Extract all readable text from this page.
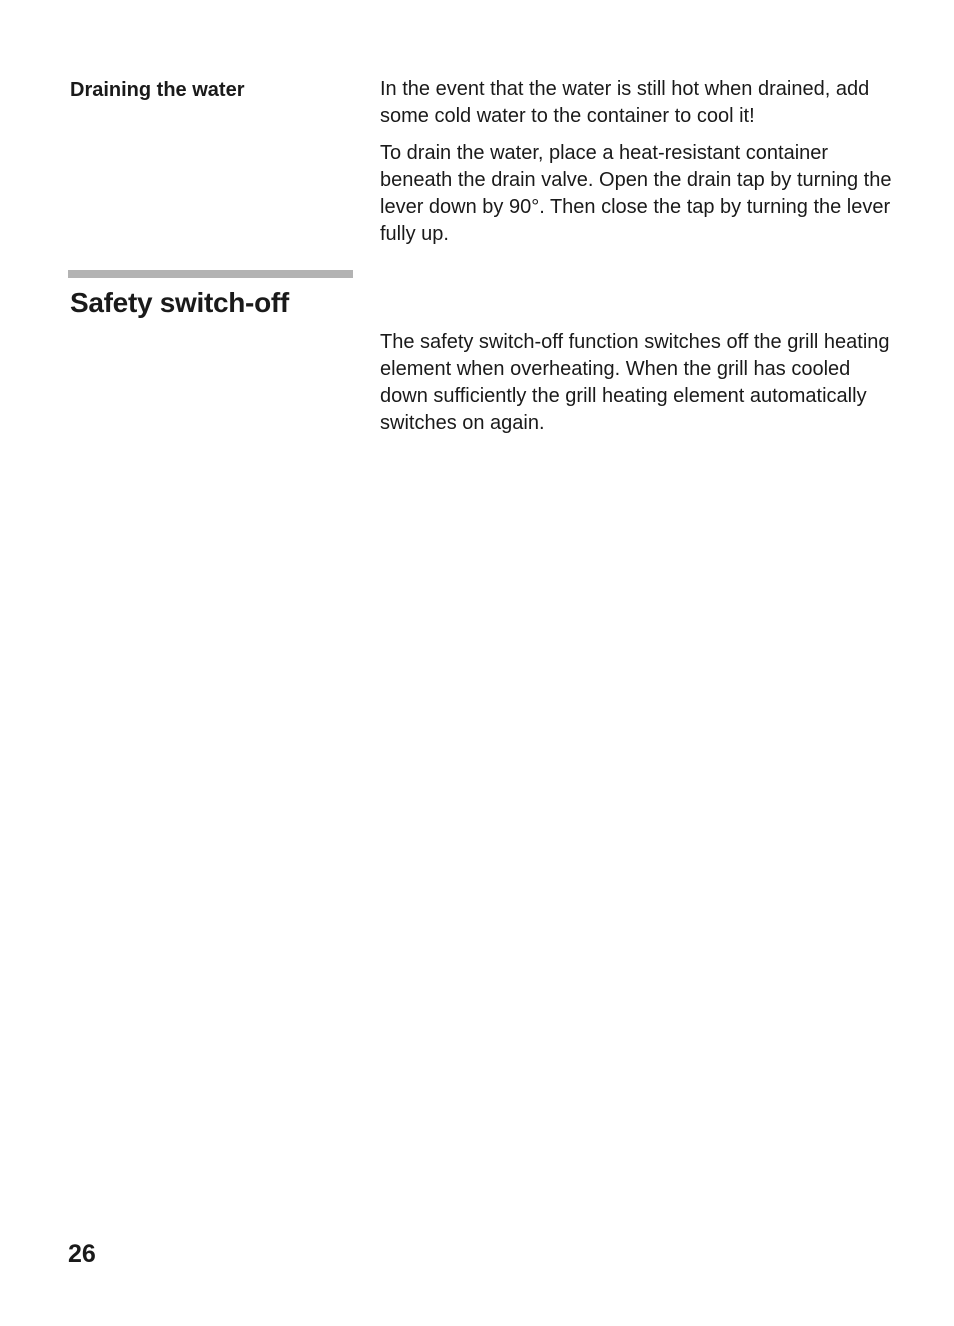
Draining the water	In the event that the water is still hot when drained, add some cold water to the container to cool it!

To drain the water, place a heat-resistant container beneath the drain valve. Open the drain tap by turning the lever down by 90°. Then close the tap by turning the lever fully up.

Safety switch-off

The safety switch-off function switches off the grill heating element when overheating. When the grill has cooled down sufficiently the grill heating element automatically switches on again.

26
